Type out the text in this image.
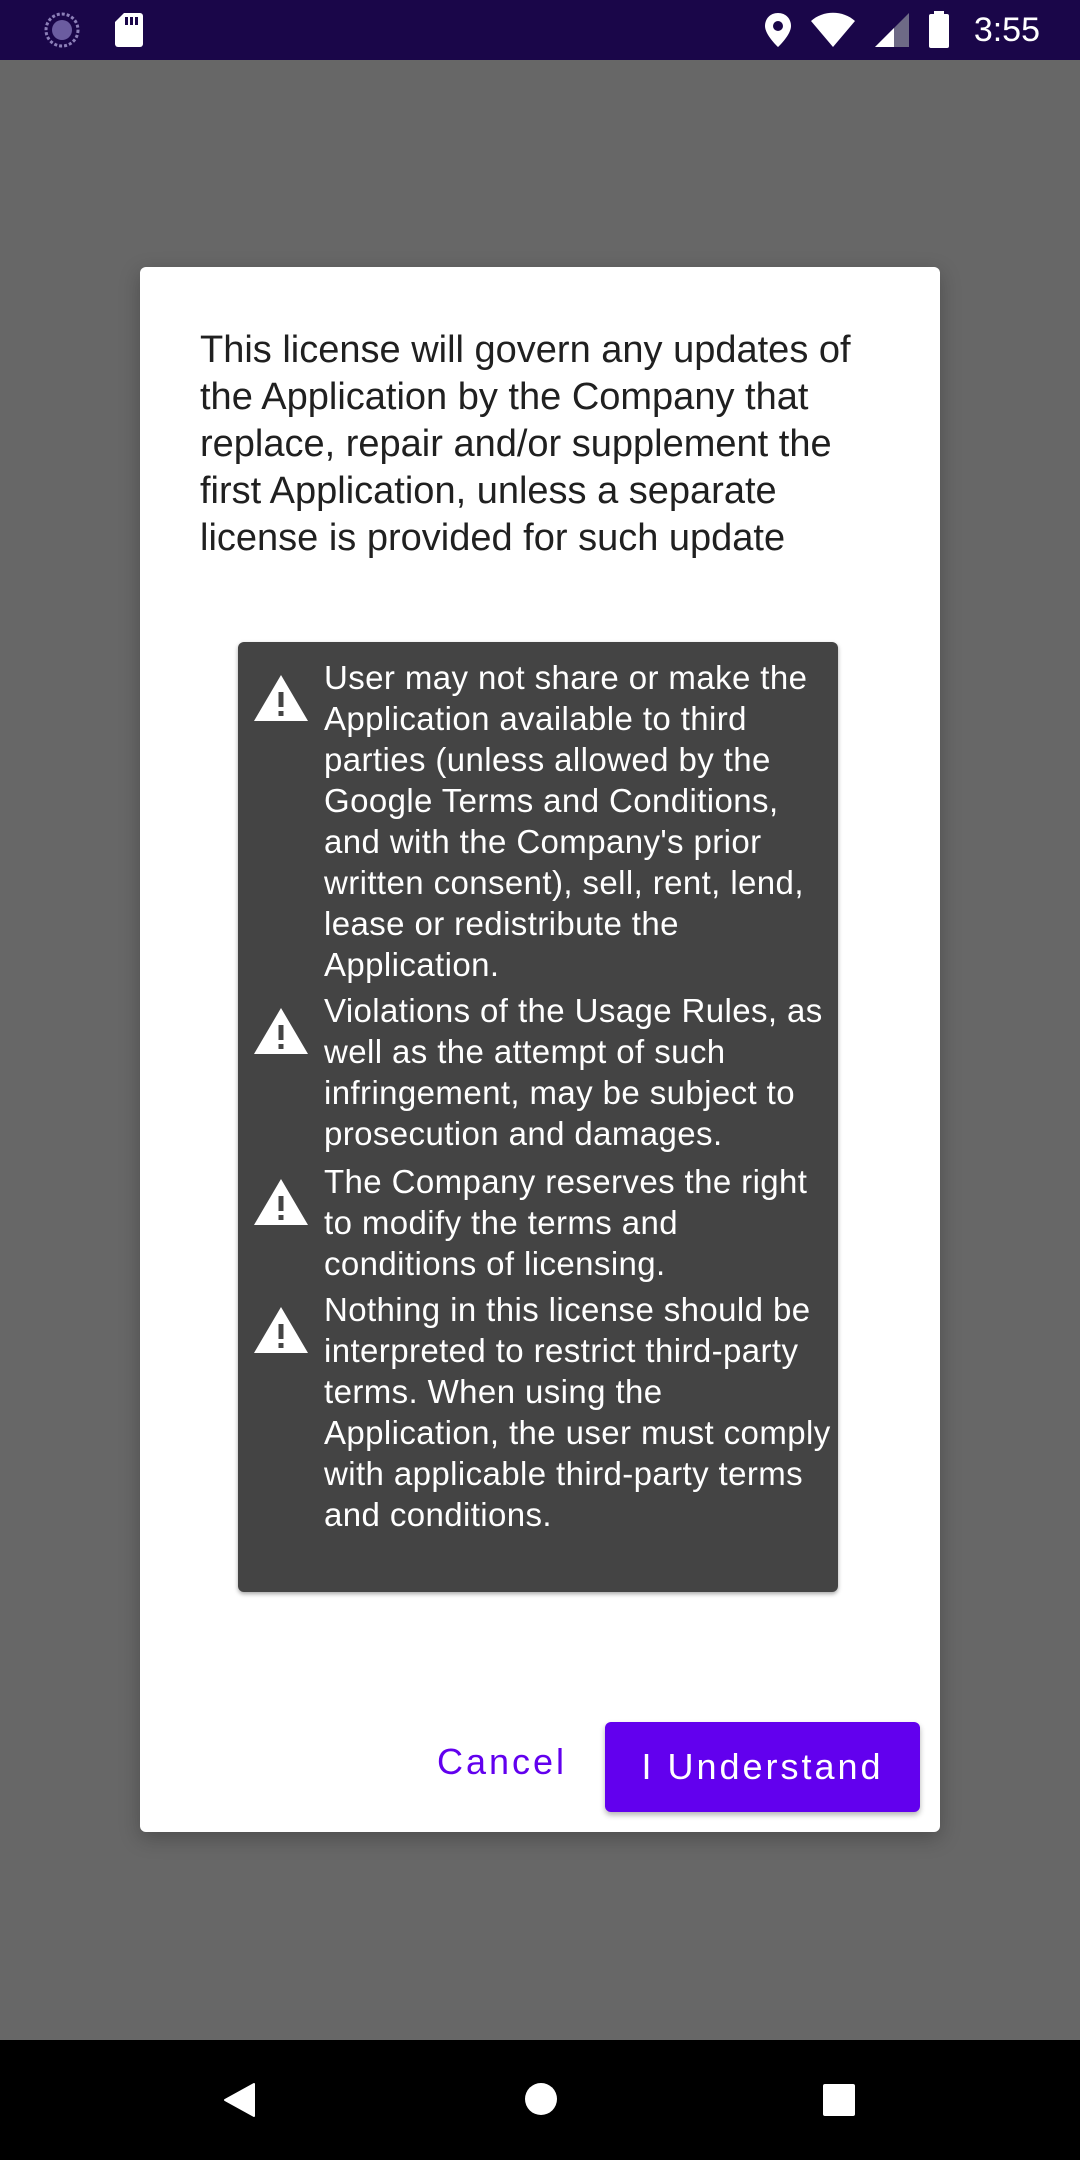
3:55

This license will govern any updates of the Application by the Company that replace, repair and/or supplement the first Application, unless a separate license is provided for such update

User may not share or make the Application available to third parties (unless allowed by the Google Terms and Conditions, and with the Company's prior written consent), sell, rent, lend, lease or redistribute the Application.

Violations of the Usage Rules, as well as the attempt of such infringement, may be subject to prosecution and damages.

The Company reserves the right to modify the terms and conditions of licensing.

Nothing in this license should be interpreted to restrict third-party terms. When using the Application, the user must comply with applicable third-party terms and conditions.

Cancel	I Understand
